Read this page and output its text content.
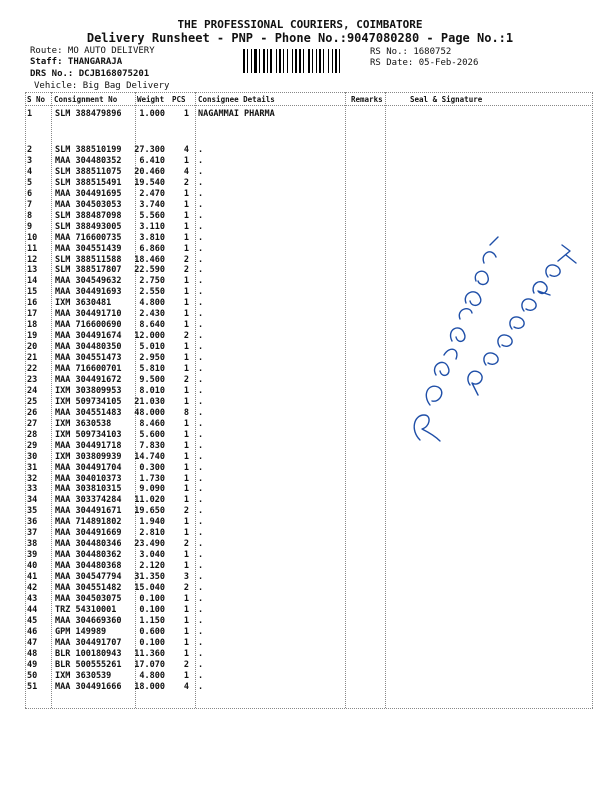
THE PROFESSIONAL COURIERS, COIMBATORE
Delivery Runsheet - PNP - Phone No.:9047080280 - Page No.:1
Route: MO AUTO DELIVERY
Staff: THANGARAJA
DRS No.: DCJB168075201
Vehicle: Big Bag Delivery
RS No.: 1680752
RS Date: 05-Feb-2026
S No Consignment No	Weight PCS Consignee Details	Remarks	Seal & Signature
1	SLM 388479896	1.000	1 NAGAMMAI PHARMA
2	SLM 388510199	27.300	4 .
3	MAA 304480352	6.410	1 .
4	SLM 388511075	20.460	4 .
5	SLM 388515491	19.540	2 .
6	MAA 304491695	2.470	1 .
7	MAA 304503053	3.740	1 .
8	SLM 388487098	5.560	1 .
9	SLM 388493005	3.110	1 .
10 MAA 716600735	3.810	1 .
11 MAA 304551439	6.860	1 .
12 SLM 388511588	18.460	2 .
13 SLM 388517807	22.590	2 .
14 MAA 304549632	2.750	1 .
15 MAA 304491693	2.550	1 .
16 IXM 3630481	4.800	1 .
17 MAA 304491710	2.430	1 .
18 MAA 716600690	8.640	1 .
19 MAA 304491674	12.000	2 .
20 MAA 304480350	5.010	1 .
21 MAA 304551473	2.950	1 .
22 MAA 716600701	5.810	1 .
23 MAA 304491672	9.500	2 .
24 IXM 303809953	8.010	1 .
25 IXM 509734105	21.030	1 .
26 MAA 304551483	48.000	8 .
27 IXM 3630538	8.460	1 .
28 IXM 509734103	5.600	1 .
29 MAA 304491718	7.830	1 .
30 IXM 303809939	14.740	1 .
31 MAA 304491704	0.300	1 .
32 MAA 304010373	1.730	1 .
33 MAA 303810315	9.090	1 .
34 MAA 303374284	11.020	1 .
35 MAA 304491671	19.650	2 .
36 MAA 714891802	1.940	1 .
37 MAA 304491669	2.810	1 .
38 MAA 304480346	23.490	2 .
39 MAA 304480362	3.040	1 .
40 MAA 304480368	2.120	1 .
41 MAA 304547794	31.350	3 .
42 MAA 304551482	15.040	2 .
43 MAA 304503075	0.100	1 .
44 TRZ 54310001	0.100	1 .
45 MAA 304669360	1.150	1 .
46 GPM 149989	0.600	1 .
47 MAA 304491707	0.100	1 .
48 BLR 100180943	11.360	1 .
49 BLR 500555261	17.070	2 .
50 IXM 3630539	4.800	1 .
51 MAA 304491666	18.000	4 .
